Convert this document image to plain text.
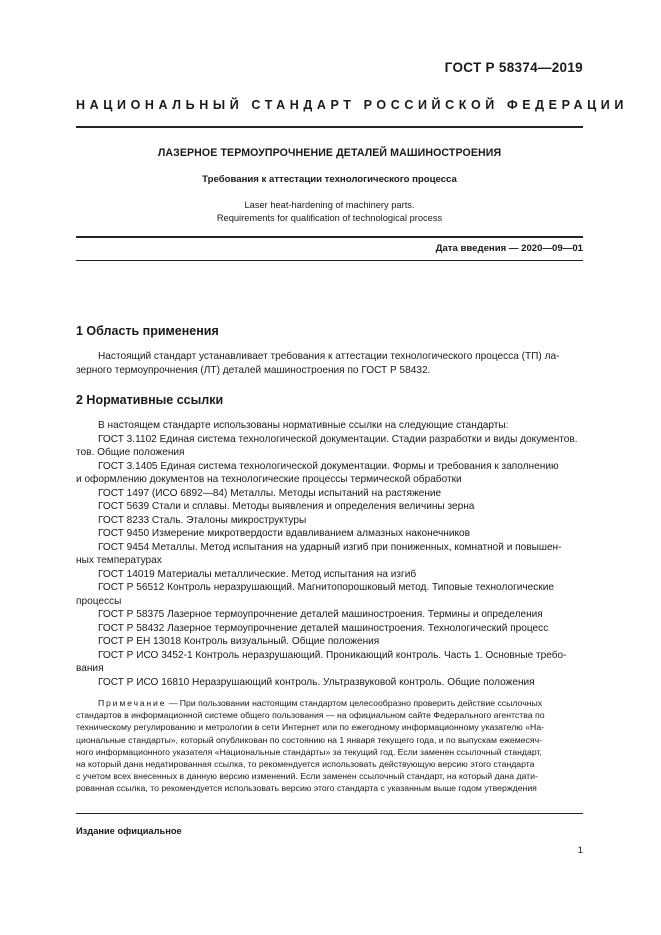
ГОСТ Р 58374—2019
НАЦИОНАЛЬНЫЙ СТАНДАРТ РОССИЙСКОЙ ФЕДЕРАЦИИ
ЛАЗЕРНОЕ ТЕРМОУПРОЧНЕНИЕ ДЕТАЛЕЙ МАШИНОСТРОЕНИЯ
Требования к аттестации технологического процесса
Laser heat-hardening of machinery parts.
Requirements for qualification of technological process
Дата введения — 2020—09—01
1 Область применения
Настоящий стандарт устанавливает требования к аттестации технологического процесса (ТП) ла-
зерного термоупрочнения (ЛТ) деталей машиностроения по ГОСТ Р 58432.
2 Нормативные ссылки
В настоящем стандарте использованы нормативные ссылки на следующие стандарты:
ГОСТ 3.1102 Единая система технологической документации. Стадии разработки и виды документов.
тов. Общие положения
ГОСТ 3.1405 Единая система технологической документации. Формы и требования к заполнению
и оформлению документов на технологические процессы термической обработки
ГОСТ 1497 (ИСО 6892—84) Металлы. Методы испытаний на растяжение
ГОСТ 5639 Стали и сплавы. Методы выявления и определения величины зерна
ГОСТ 8233 Сталь. Эталоны микроструктуры
ГОСТ 9450 Измерение микротвердости вдавливанием алмазных наконечников
ГОСТ 9454 Металлы. Метод испытания на ударный изгиб при пониженных, комнатной и повышен-
ных температурах
ГОСТ 14019 Материалы металлические. Метод испытания на изгиб
ГОСТ Р 56512 Контроль неразрушающий. Магнитопорошковый метод. Типовые технологические
процессы
ГОСТ Р 58375 Лазерное термоупрочнение деталей машиностроения. Термины и определения
ГОСТ Р 58432 Лазерное термоупрочнение деталей машиностроения. Технологический процесс
ГОСТ Р ЕН 13018 Контроль визуальный. Общие положения
ГОСТ Р ИСО 3452-1 Контроль неразрушающий. Проникающий контроль. Часть 1. Основные требо-
вания
ГОСТ Р ИСО 16810 Неразрушающий контроль. Ультразвуковой контроль. Общие положения
Примечание — При пользовании настоящим стандартом целесообразно проверить действие ссылочных
стандартов в информационной системе общего пользования — на официальном сайте Федерального агентства по
техническому регулированию и метрологии в сети Интернет или по ежегодному информационному указателю «На-
циональные стандарты», который опубликован по состоянию на 1 января текущего года, и по выпускам ежемесяч-
ного информационного указателя «Национальные стандарты» за текущий год. Если заменен ссылочный стандарт,
на который дана недатированная ссылка, то рекомендуется использовать действующую версию этого стандарта
с учетом всех внесенных в данную версию изменений. Если заменен ссылочный стандарт, на который дана дати-
рованная ссылка, то рекомендуется использовать версию этого стандарта с указанным выше годом утверждения
Издание официальное
1
